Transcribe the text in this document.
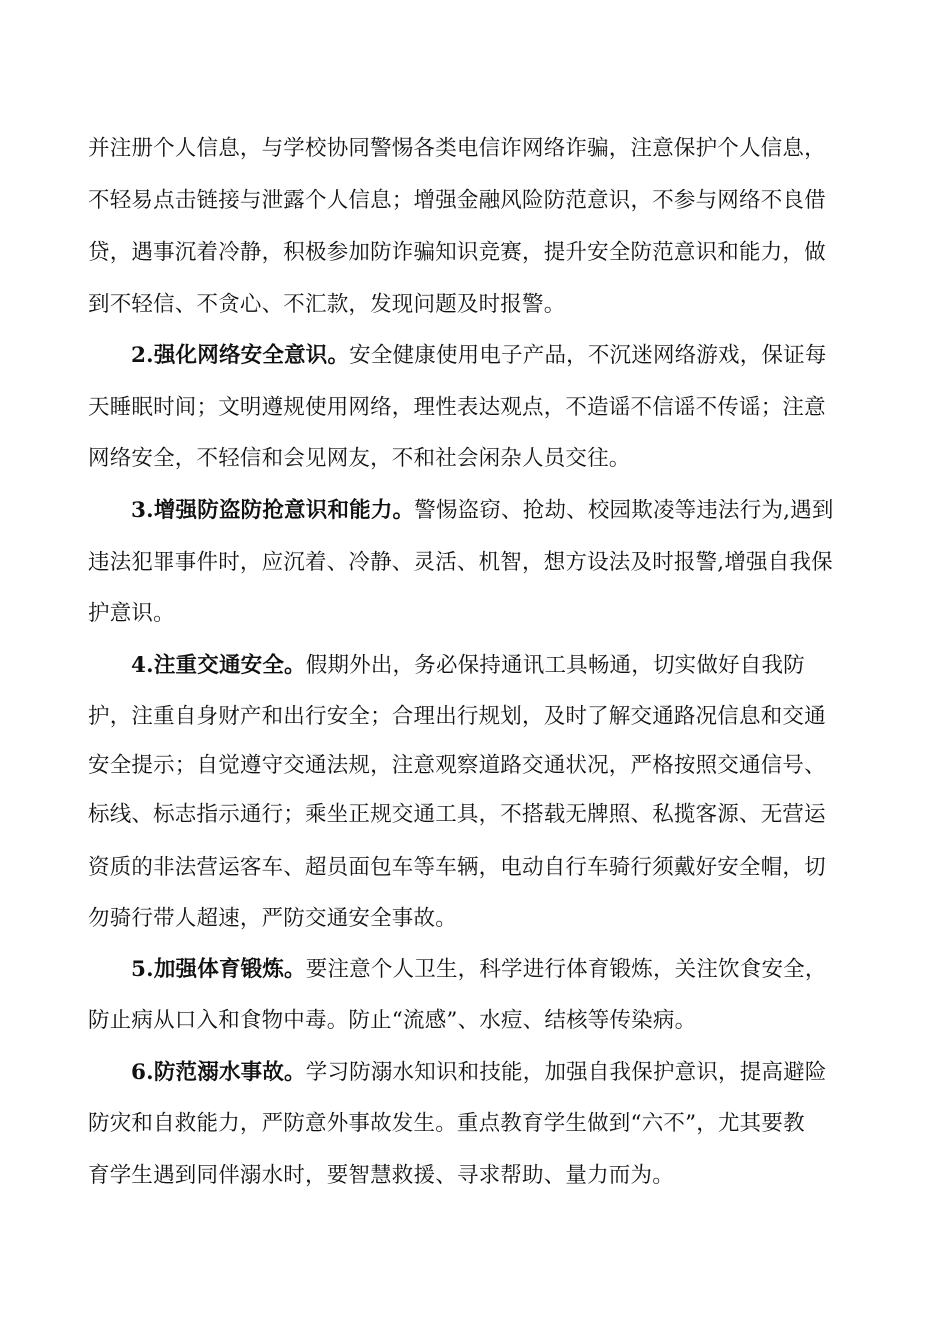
并注册个人信息，与学校协同警惕各类电信诈网络诈骗，注意保护个人信息，
不轻易点击链接与泄露个人信息；增强金融风险防范意识，不参与网络不良借
贷，遇事沉着冷静，积极参加防诈骗知识竞赛，提升安全防范意识和能力，做
到不轻信、不贪心、不汇款，发现问题及时报警。
2.强化网络安全意识。安全健康使用电子产品，不沉迷网络游戏，保证每
天睡眠时间；文明遵规使用网络，理性表达观点，不造谣不信谣不传谣；注意
网络安全，不轻信和会见网友，不和社会闲杂人员交往。
3.增强防盗防抢意识和能力。警惕盗窃、抢劫、校园欺凌等违法行为,遇到
违法犯罪事件时，应沉着、冷静、灵活、机智，想方设法及时报警,增强自我保
护意识。
4.注重交通安全。假期外出，务必保持通讯工具畅通，切实做好自我防
护，注重自身财产和出行安全；合理出行规划，及时了解交通路况信息和交通
安全提示；自觉遵守交通法规，注意观察道路交通状况，严格按照交通信号、
标线、标志指示通行；乘坐正规交通工具，不搭载无牌照、私揽客源、无营运
资质的非法营运客车、超员面包车等车辆，电动自行车骑行须戴好安全帽，切
勿骑行带人超速，严防交通安全事故。
5.加强体育锻炼。要注意个人卫生，科学进行体育锻炼，关注饮食安全，
防止病从口入和食物中毒。防止“流感”、水痘、结核等传染病。
6.防范溺水事故。学习防溺水知识和技能，加强自我保护意识，提高避险
防灾和自救能力，严防意外事故发生。重点教育学生做到“六不”，尤其要教
育学生遇到同伴溺水时，要智慧救援、寻求帮助、量力而为。
